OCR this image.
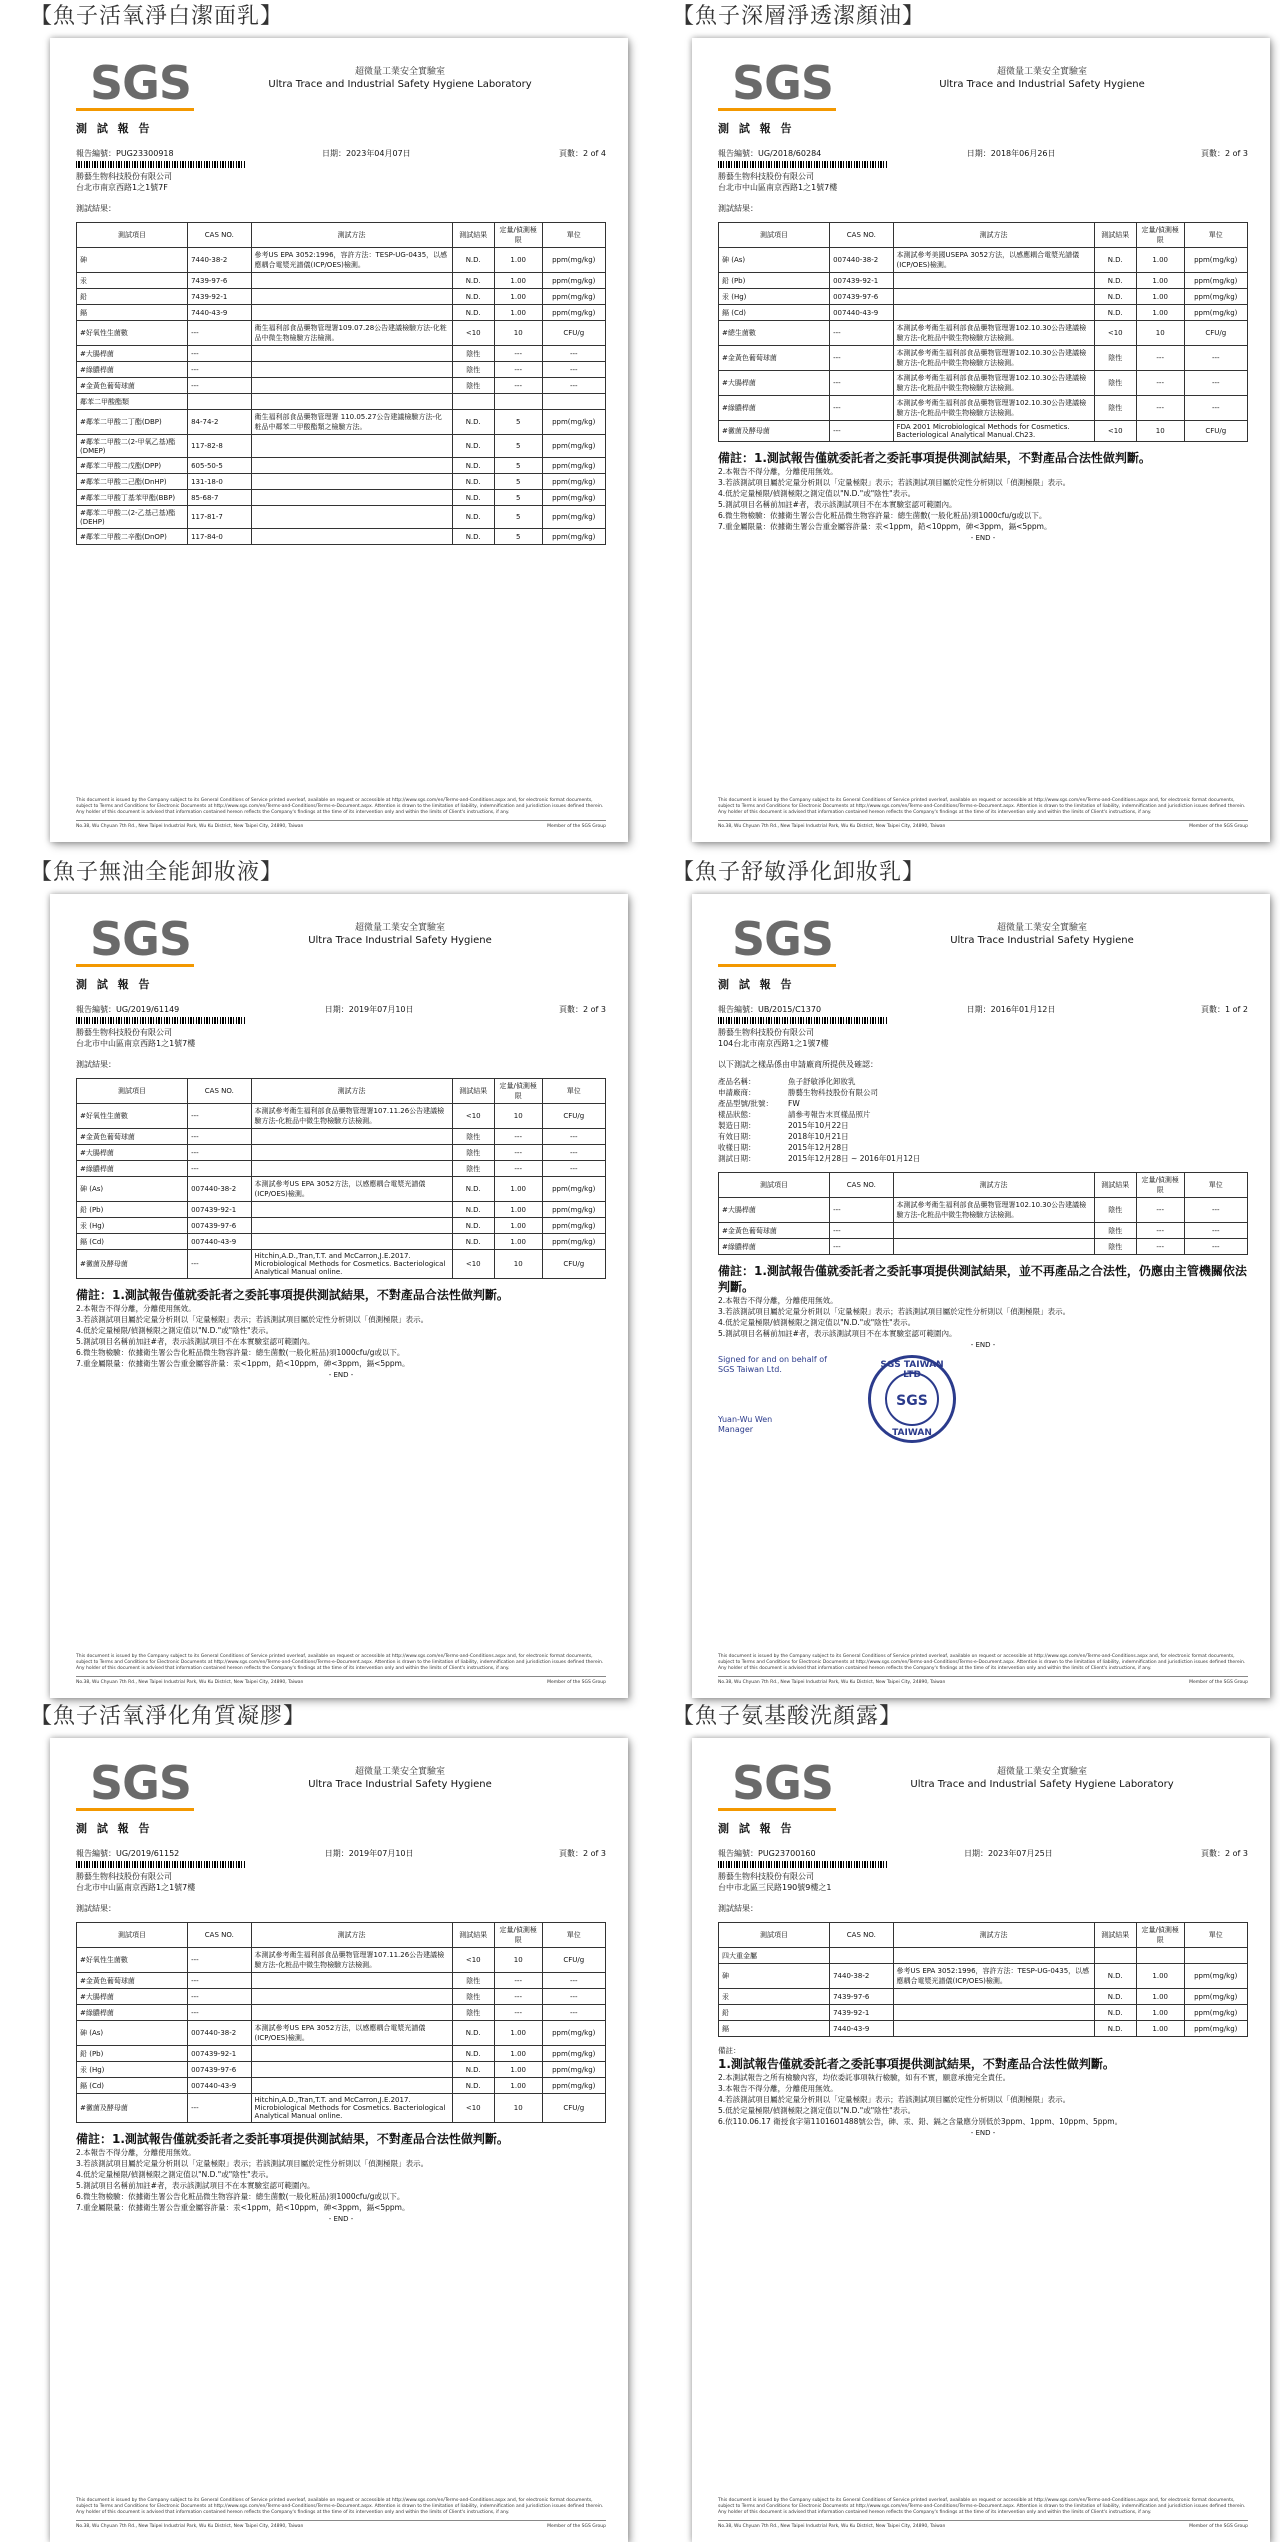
【魚子活氧淨白潔面乳】
SGS	超微量工業安全實驗室
Ultra Trace and Industrial Safety Hygiene Laboratory
測 試 報 告
報告編號：PUG23300918	日期：2023年04月07日	頁數：2 of 4
勝藝生物科技股份有限公司
台北市南京西路1之1號7F
測試結果：
測試項目	CAS NO.	測試方法	測試結果	定量/偵測極限	單位
砷	7440-38-2	參考US EPA 3052:1996，容許方法：TESP-UG-0435，以感應耦合電漿光譜儀(ICP/OES)檢測。	N.D.	1.00	ppm(mg/kg)
汞	7439-97-6		N.D.	1.00	ppm(mg/kg)
鉛	7439-92-1		N.D.	1.00	ppm(mg/kg)
鎘	7440-43-9		N.D.	1.00	ppm(mg/kg)
#好氧性生菌數	---	衛生福利部食品藥物管理署109.07.28公告建議檢驗方法-化粧品中微生物檢驗方法檢測。	<10	10	CFU/g
#大腸桿菌	---		陰性	---	---
#綠膿桿菌	---		陰性	---	---
#金黃色葡萄球菌	---		陰性	---	---
鄰苯二甲酸酯類					
#鄰苯二甲酸二丁酯(DBP)	84-74-2	衛生福利部食品藥物管理署 110.05.27公告建議檢驗方法-化粧品中鄰苯二甲酸酯類之檢驗方法。	N.D.	5	ppm(mg/kg)
#鄰苯二甲酸二(2-甲氧乙基)酯(DMEP)	117-82-8		N.D.	5	ppm(mg/kg)
#鄰苯二甲酸二戊酯(DPP)	605-50-5		N.D.	5	ppm(mg/kg)
#鄰苯二甲酸二己酯(DnHP)	131-18-0		N.D.	5	ppm(mg/kg)
#鄰苯二甲酸丁基苯甲酯(BBP)	85-68-7		N.D.	5	ppm(mg/kg)
#鄰苯二甲酸二(2-乙基己基)酯(DEHP)	117-81-7		N.D.	5	ppm(mg/kg)
#鄰苯二甲酸二辛酯(DnOP)	117-84-0		N.D.	5	ppm(mg/kg)
This document is issued by the Company subject to its General Conditions of Service printed overleaf, available on request or accessible at http://www.sgs.com/en/Terms-and-Conditions.aspx and, for electronic format documents, subject to Terms and Conditions for Electronic Documents at http://www.sgs.com/en/Terms-and-Conditions/Terms-e-Document.aspx. Attention is drawn to the limitation of liability, indemnification and jurisdiction issues defined therein. Any holder of this document is advised that information contained hereon reflects the Company's findings at the time of its intervention only and within the limits of Client's instructions, if any.
No.38, Wu Chyuan 7th Rd., New Taipei Industrial Park, Wu Ku District, New Taipei City, 24890, Taiwan	Member of the SGS Group
【魚子深層淨透潔顏油】
SGS	超微量工業安全實驗室
Ultra Trace and Industrial Safety Hygiene
測 試 報 告
報告編號：UG/2018/60284	日期：2018年06月26日	頁數：2 of 3
勝藝生物科技股份有限公司
台北市中山區南京西路1之1號7樓
測試結果：
測試項目	CAS NO.	測試方法	測試結果	定量/偵測極限	單位
砷 (As)	007440-38-2	本測試參考美國USEPA 3052方法，以感應耦合電漿光譜儀(ICP/OES)檢測。	N.D.	1.00	ppm(mg/kg)
鉛 (Pb)	007439-92-1		N.D.	1.00	ppm(mg/kg)
汞 (Hg)	007439-97-6		N.D.	1.00	ppm(mg/kg)
鎘 (Cd)	007440-43-9		N.D.	1.00	ppm(mg/kg)
#總生菌數	---	本測試參考衛生福利部食品藥物管理署102.10.30公告建議檢驗方法-化粧品中微生物檢驗方法檢測。	<10	10	CFU/g
#金黃色葡萄球菌	---	本測試參考衛生福利部食品藥物管理署102.10.30公告建議檢驗方法-化粧品中微生物檢驗方法檢測。	陰性	---	---
#大腸桿菌	---	本測試參考衛生福利部食品藥物管理署102.10.30公告建議檢驗方法-化粧品中微生物檢驗方法檢測。	陰性	---	---
#綠膿桿菌	---	本測試參考衛生福利部食品藥物管理署102.10.30公告建議檢驗方法-化粧品中微生物檢驗方法檢測。	陰性	---	---
#黴菌及酵母菌	---	FDA 2001 Microbiological Methods for Cosmetics. Bacteriological Analytical Manual.Ch23.	<10	10	CFU/g
備註：1.測試報告僅就委託者之委託事項提供測試結果，不對產品合法性做判斷。
2.本報告不得分離，分離使用無效。
3.若該測試項目屬於定量分析則以「定量極限」表示；若該測試項目屬於定性分析則以「偵測極限」表示。
4.低於定量極限/偵測極限之測定值以"N.D."或"陰性"表示。
5.測試項目名稱前加註#者，表示該測試項目不在本實驗室認可範圍內。
6.微生物檢驗：依據衛生署公告化粧品微生物容許量：總生菌數(一般化粧品)須1000cfu/g或以下。
7.重金屬限量：依據衛生署公告重金屬容許量：汞<1ppm，鉛<10ppm，砷<3ppm，鎘<5ppm。
- END -
This document is issued by the Company subject to its General Conditions of Service printed overleaf, available on request or accessible at http://www.sgs.com/en/Terms-and-Conditions.aspx and, for electronic format documents, subject to Terms and Conditions for Electronic Documents at http://www.sgs.com/en/Terms-and-Conditions/Terms-e-Document.aspx. Attention is drawn to the limitation of liability, indemnification and jurisdiction issues defined therein. Any holder of this document is advised that information contained hereon reflects the Company's findings at the time of its intervention only and within the limits of Client's instructions, if any.
No.38, Wu Chyuan 7th Rd., New Taipei Industrial Park, Wu Ku District, New Taipei City, 24890, Taiwan	Member of the SGS Group
【魚子無油全能卸妝液】
SGS	超微量工業安全實驗室
Ultra Trace Industrial Safety Hygiene
測 試 報 告
報告編號：UG/2019/61149	日期：2019年07月10日	頁數：2 of 3
勝藝生物科技股份有限公司
台北市中山區南京西路1之1號7樓
測試結果：
測試項目	CAS NO.	測試方法	測試結果	定量/偵測極限	單位
#好氧性生菌數	---	本測試參考衛生福利部食品藥物管理署107.11.26公告建議檢驗方法-化粧品中微生物檢驗方法檢測。	<10	10	CFU/g
#金黃色葡萄球菌	---		陰性	---	---
#大腸桿菌	---		陰性	---	---
#綠膿桿菌	---		陰性	---	---
砷 (As)	007440-38-2	本測試參考US EPA 3052方法，以感應耦合電漿光譜儀(ICP/OES)檢測。	N.D.	1.00	ppm(mg/kg)
鉛 (Pb)	007439-92-1		N.D.	1.00	ppm(mg/kg)
汞 (Hg)	007439-97-6		N.D.	1.00	ppm(mg/kg)
鎘 (Cd)	007440-43-9		N.D.	1.00	ppm(mg/kg)
#黴菌及酵母菌	---	Hitchin,A.D.,Tran,T.T. and McCarron,J.E.2017. Microbiological Methods for Cosmetics. Bacteriological Analytical Manual online.	<10	10	CFU/g
備註：1.測試報告僅就委託者之委託事項提供測試結果，不對產品合法性做判斷。
2.本報告不得分離，分離使用無效。
3.若該測試項目屬於定量分析則以「定量極限」表示；若該測試項目屬於定性分析則以「偵測極限」表示。
4.低於定量極限/偵測極限之測定值以"N.D."或"陰性"表示。
5.測試項目名稱前加註#者，表示該測試項目不在本實驗室認可範圍內。
6.微生物檢驗：依據衛生署公告化粧品微生物容許量：總生菌數(一般化粧品)須1000cfu/g或以下。
7.重金屬限量：依據衛生署公告重金屬容許量：汞<1ppm，鉛<10ppm，砷<3ppm，鎘<5ppm。
- END -
This document is issued by the Company subject to its General Conditions of Service printed overleaf, available on request or accessible at http://www.sgs.com/en/Terms-and-Conditions.aspx and, for electronic format documents, subject to Terms and Conditions for Electronic Documents at http://www.sgs.com/en/Terms-and-Conditions/Terms-e-Document.aspx. Attention is drawn to the limitation of liability, indemnification and jurisdiction issues defined therein. Any holder of this document is advised that information contained hereon reflects the Company's findings at the time of its intervention only and within the limits of Client's instructions, if any.
No.38, Wu Chyuan 7th Rd., New Taipei Industrial Park, Wu Ku District, New Taipei City, 24890, Taiwan	Member of the SGS Group
【魚子舒敏淨化卸妝乳】
SGS	超微量工業安全實驗室
Ultra Trace Industrial Safety Hygiene
測 試 報 告
報告編號：UB/2015/C1370	日期：2016年01月12日	頁數：1 of 2
勝藝生物科技股份有限公司
104台北市南京西路1之1號7樓
以下測試之樣品係由申請廠商所提供及確認：
產品名稱：	魚子舒敏淨化卸妝乳
申請廠商：	勝藝生物科技股份有限公司
產品型號/批號： FW
樣品狀態：	請參考報告末頁樣品照片
製造日期：	2015年10月22日
有效日期：	2018年10月21日
收樣日期：	2015年12月28日
測試日期：	2015年12月28日 ~ 2016年01月12日
測試項目	CAS NO.	測試方法	測試結果	定量/偵測極限	單位
#大腸桿菌	---	本測試參考衛生福利部食品藥物管理署102.10.30公告建議檢驗方法-化粧品中微生物檢驗方法檢測。	陰性	---	---
#金黃色葡萄球菌	---		陰性	---	---
#綠膿桿菌	---		陰性	---	---
備註：1.測試報告僅就委託者之委託事項提供測試結果，並不再產品之合法性，仍應由主管機關依法判斷。
2.本報告不得分離，分離使用無效。
3.若該測試項目屬於定量分析則以「定量極限」表示；若該測試項目屬於定性分析則以「偵測極限」表示。
4.低於定量極限/偵測極限之測定值以"N.D."或"陰性"表示。
5.測試項目名稱前加註#者，表示該測試項目不在本實驗室認可範圍內。
- END -
Signed for and on behalf of
SGS Taiwan Ltd.
Yuan-Wu Wen
Manager
SGS TAIWAN LTD
SGS
TAIWAN
This document is issued by the Company subject to its General Conditions of Service printed overleaf, available on request or accessible at http://www.sgs.com/en/Terms-and-Conditions.aspx and, for electronic format documents, subject to Terms and Conditions for Electronic Documents at http://www.sgs.com/en/Terms-and-Conditions/Terms-e-Document.aspx. Attention is drawn to the limitation of liability, indemnification and jurisdiction issues defined therein. Any holder of this document is advised that information contained hereon reflects the Company's findings at the time of its intervention only and within the limits of Client's instructions, if any.
No.38, Wu Chyuan 7th Rd., New Taipei Industrial Park, Wu Ku District, New Taipei City, 24890, Taiwan	Member of the SGS Group
【魚子活氧淨化角質凝膠】
SGS	超微量工業安全實驗室
Ultra Trace Industrial Safety Hygiene
測 試 報 告
報告編號：UG/2019/61152	日期：2019年07月10日	頁數：2 of 3
勝藝生物科技股份有限公司
台北市中山區南京西路1之1號7樓
測試結果：
測試項目	CAS NO.	測試方法	測試結果	定量/偵測極限	單位
#好氧性生菌數	---	本測試參考衛生福利部食品藥物管理署107.11.26公告建議檢驗方法-化粧品中微生物檢驗方法檢測。	<10	10	CFU/g
#金黃色葡萄球菌	---		陰性	---	---
#大腸桿菌	---		陰性	---	---
#綠膿桿菌	---		陰性	---	---
砷 (As)	007440-38-2	本測試參考US EPA 3052方法，以感應耦合電漿光譜儀(ICP/OES)檢測。	N.D.	1.00	ppm(mg/kg)
鉛 (Pb)	007439-92-1		N.D.	1.00	ppm(mg/kg)
汞 (Hg)	007439-97-6		N.D.	1.00	ppm(mg/kg)
鎘 (Cd)	007440-43-9		N.D.	1.00	ppm(mg/kg)
#黴菌及酵母菌	---	Hitchin,A.D.,Tran,T.T. and McCarron,J.E.2017. Microbiological Methods for Cosmetics. Bacteriological Analytical Manual online.	<10	10	CFU/g
備註：1.測試報告僅就委託者之委託事項提供測試結果，不對產品合法性做判斷。
2.本報告不得分離，分離使用無效。
3.若該測試項目屬於定量分析則以「定量極限」表示；若該測試項目屬於定性分析則以「偵測極限」表示。
4.低於定量極限/偵測極限之測定值以"N.D."或"陰性"表示。
5.測試項目名稱前加註#者，表示該測試項目不在本實驗室認可範圍內。
6.微生物檢驗：依據衛生署公告化粧品微生物容許量：總生菌數(一般化粧品)須1000cfu/g或以下。
7.重金屬限量：依據衛生署公告重金屬容許量：汞<1ppm，鉛<10ppm，砷<3ppm，鎘<5ppm。
- END -
This document is issued by the Company subject to its General Conditions of Service printed overleaf, available on request or accessible at http://www.sgs.com/en/Terms-and-Conditions.aspx and, for electronic format documents, subject to Terms and Conditions for Electronic Documents at http://www.sgs.com/en/Terms-and-Conditions/Terms-e-Document.aspx. Attention is drawn to the limitation of liability, indemnification and jurisdiction issues defined therein. Any holder of this document is advised that information contained hereon reflects the Company's findings at the time of its intervention only and within the limits of Client's instructions, if any.
No.38, Wu Chyuan 7th Rd., New Taipei Industrial Park, Wu Ku District, New Taipei City, 24890, Taiwan	Member of the SGS Group
【魚子氨基酸洗顏露】
SGS	超微量工業安全實驗室
Ultra Trace and Industrial Safety Hygiene Laboratory
測 試 報 告
報告編號：PUG23700160	日期：2023年07月25日	頁數：2 of 3
勝藝生物科技股份有限公司
台中市北區三民路190號9樓之1
測試結果：
測試項目	CAS NO.	測試方法	測試結果	定量/偵測極限	單位
四大重金屬					
砷	7440-38-2	參考US EPA 3052:1996，容許方法：TESP-UG-0435，以感應耦合電漿光譜儀(ICP/OES)檢測。	N.D.	1.00	ppm(mg/kg)
汞	7439-97-6		N.D.	1.00	ppm(mg/kg)
鉛	7439-92-1		N.D.	1.00	ppm(mg/kg)
鎘	7440-43-9		N.D.	1.00	ppm(mg/kg)
備註：
1.測試報告僅就委託者之委託事項提供測試結果，不對產品合法性做判斷。
2.本測試報告之所有檢驗內容，均依委託事項執行檢驗，如有不實，願意承擔完全責任。
3.本報告不得分離，分離使用無效。
4.若該測試項目屬於定量分析則以「定量極限」表示；若該測試項目屬於定性分析則以「偵測極限」表示。
5.低於定量極限/偵測極限之測定值以"N.D."或"陰性"表示。
6.依110.06.17 衛授食字第1101601488號公告，砷、汞、鉛、鎘之含量應分別低於3ppm、1ppm、10ppm、5ppm。
- END -
This document is issued by the Company subject to its General Conditions of Service printed overleaf, available on request or accessible at http://www.sgs.com/en/Terms-and-Conditions.aspx and, for electronic format documents, subject to Terms and Conditions for Electronic Documents at http://www.sgs.com/en/Terms-and-Conditions/Terms-e-Document.aspx. Attention is drawn to the limitation of liability, indemnification and jurisdiction issues defined therein. Any holder of this document is advised that information contained hereon reflects the Company's findings at the time of its intervention only and within the limits of Client's instructions, if any.
No.38, Wu Chyuan 7th Rd., New Taipei Industrial Park, Wu Ku District, New Taipei City, 24890, Taiwan	Member of the SGS Group
